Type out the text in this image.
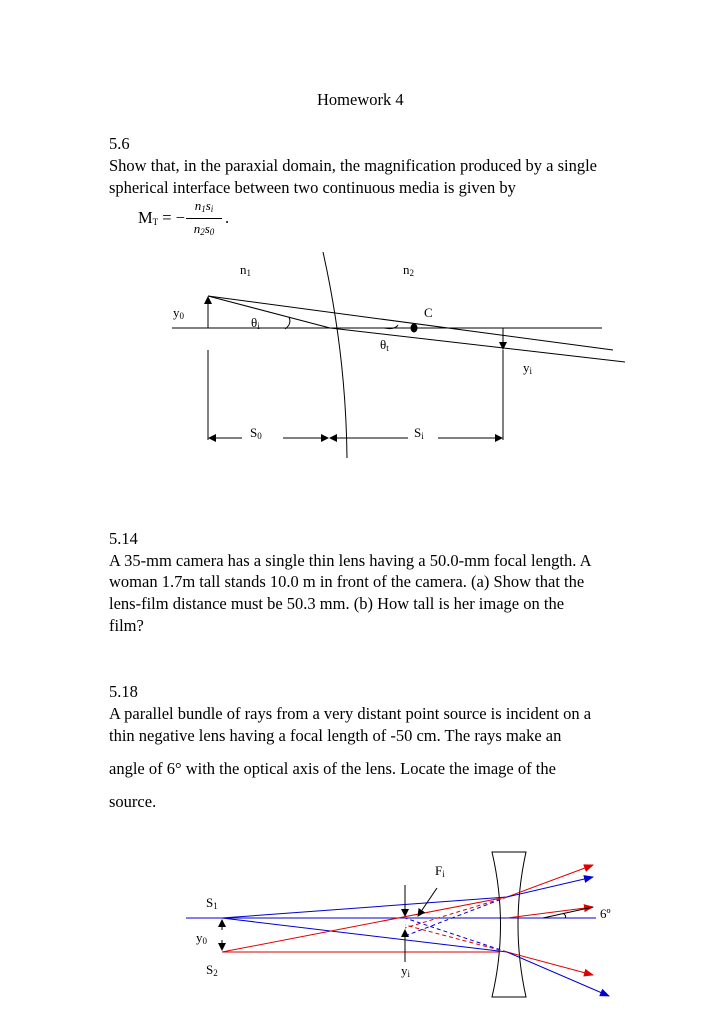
Homework 4
5.6
Show that, in the paraxial domain, the magnification produced by a single
spherical interface between two continuous media is given by
$M_T$ = − $\frac{n_1s_i}{n_2s_0}$ .
$n_1$	$n_2$
$y_0$	C
$\theta_i$
$\theta_t$
$y_i$
$S_0$	$S_i$
5.14
A 35-mm camera has a single thin lens having a 50.0-mm focal length. A
woman 1.7m tall stands 10.0 m in front of the camera. (a) Show that the
lens-film distance must be 50.3 mm. (b) How tall is her image on the
film?
5.18
A parallel bundle of rays from a very distant point source is incident on a
thin negative lens having a focal length of -50 cm. The rays make an
angle of 6° with the optical axis of the lens. Locate the image of the
source.
$F_i$
$S_1$	6º
$y_0$
$S_2$	$y_i$
